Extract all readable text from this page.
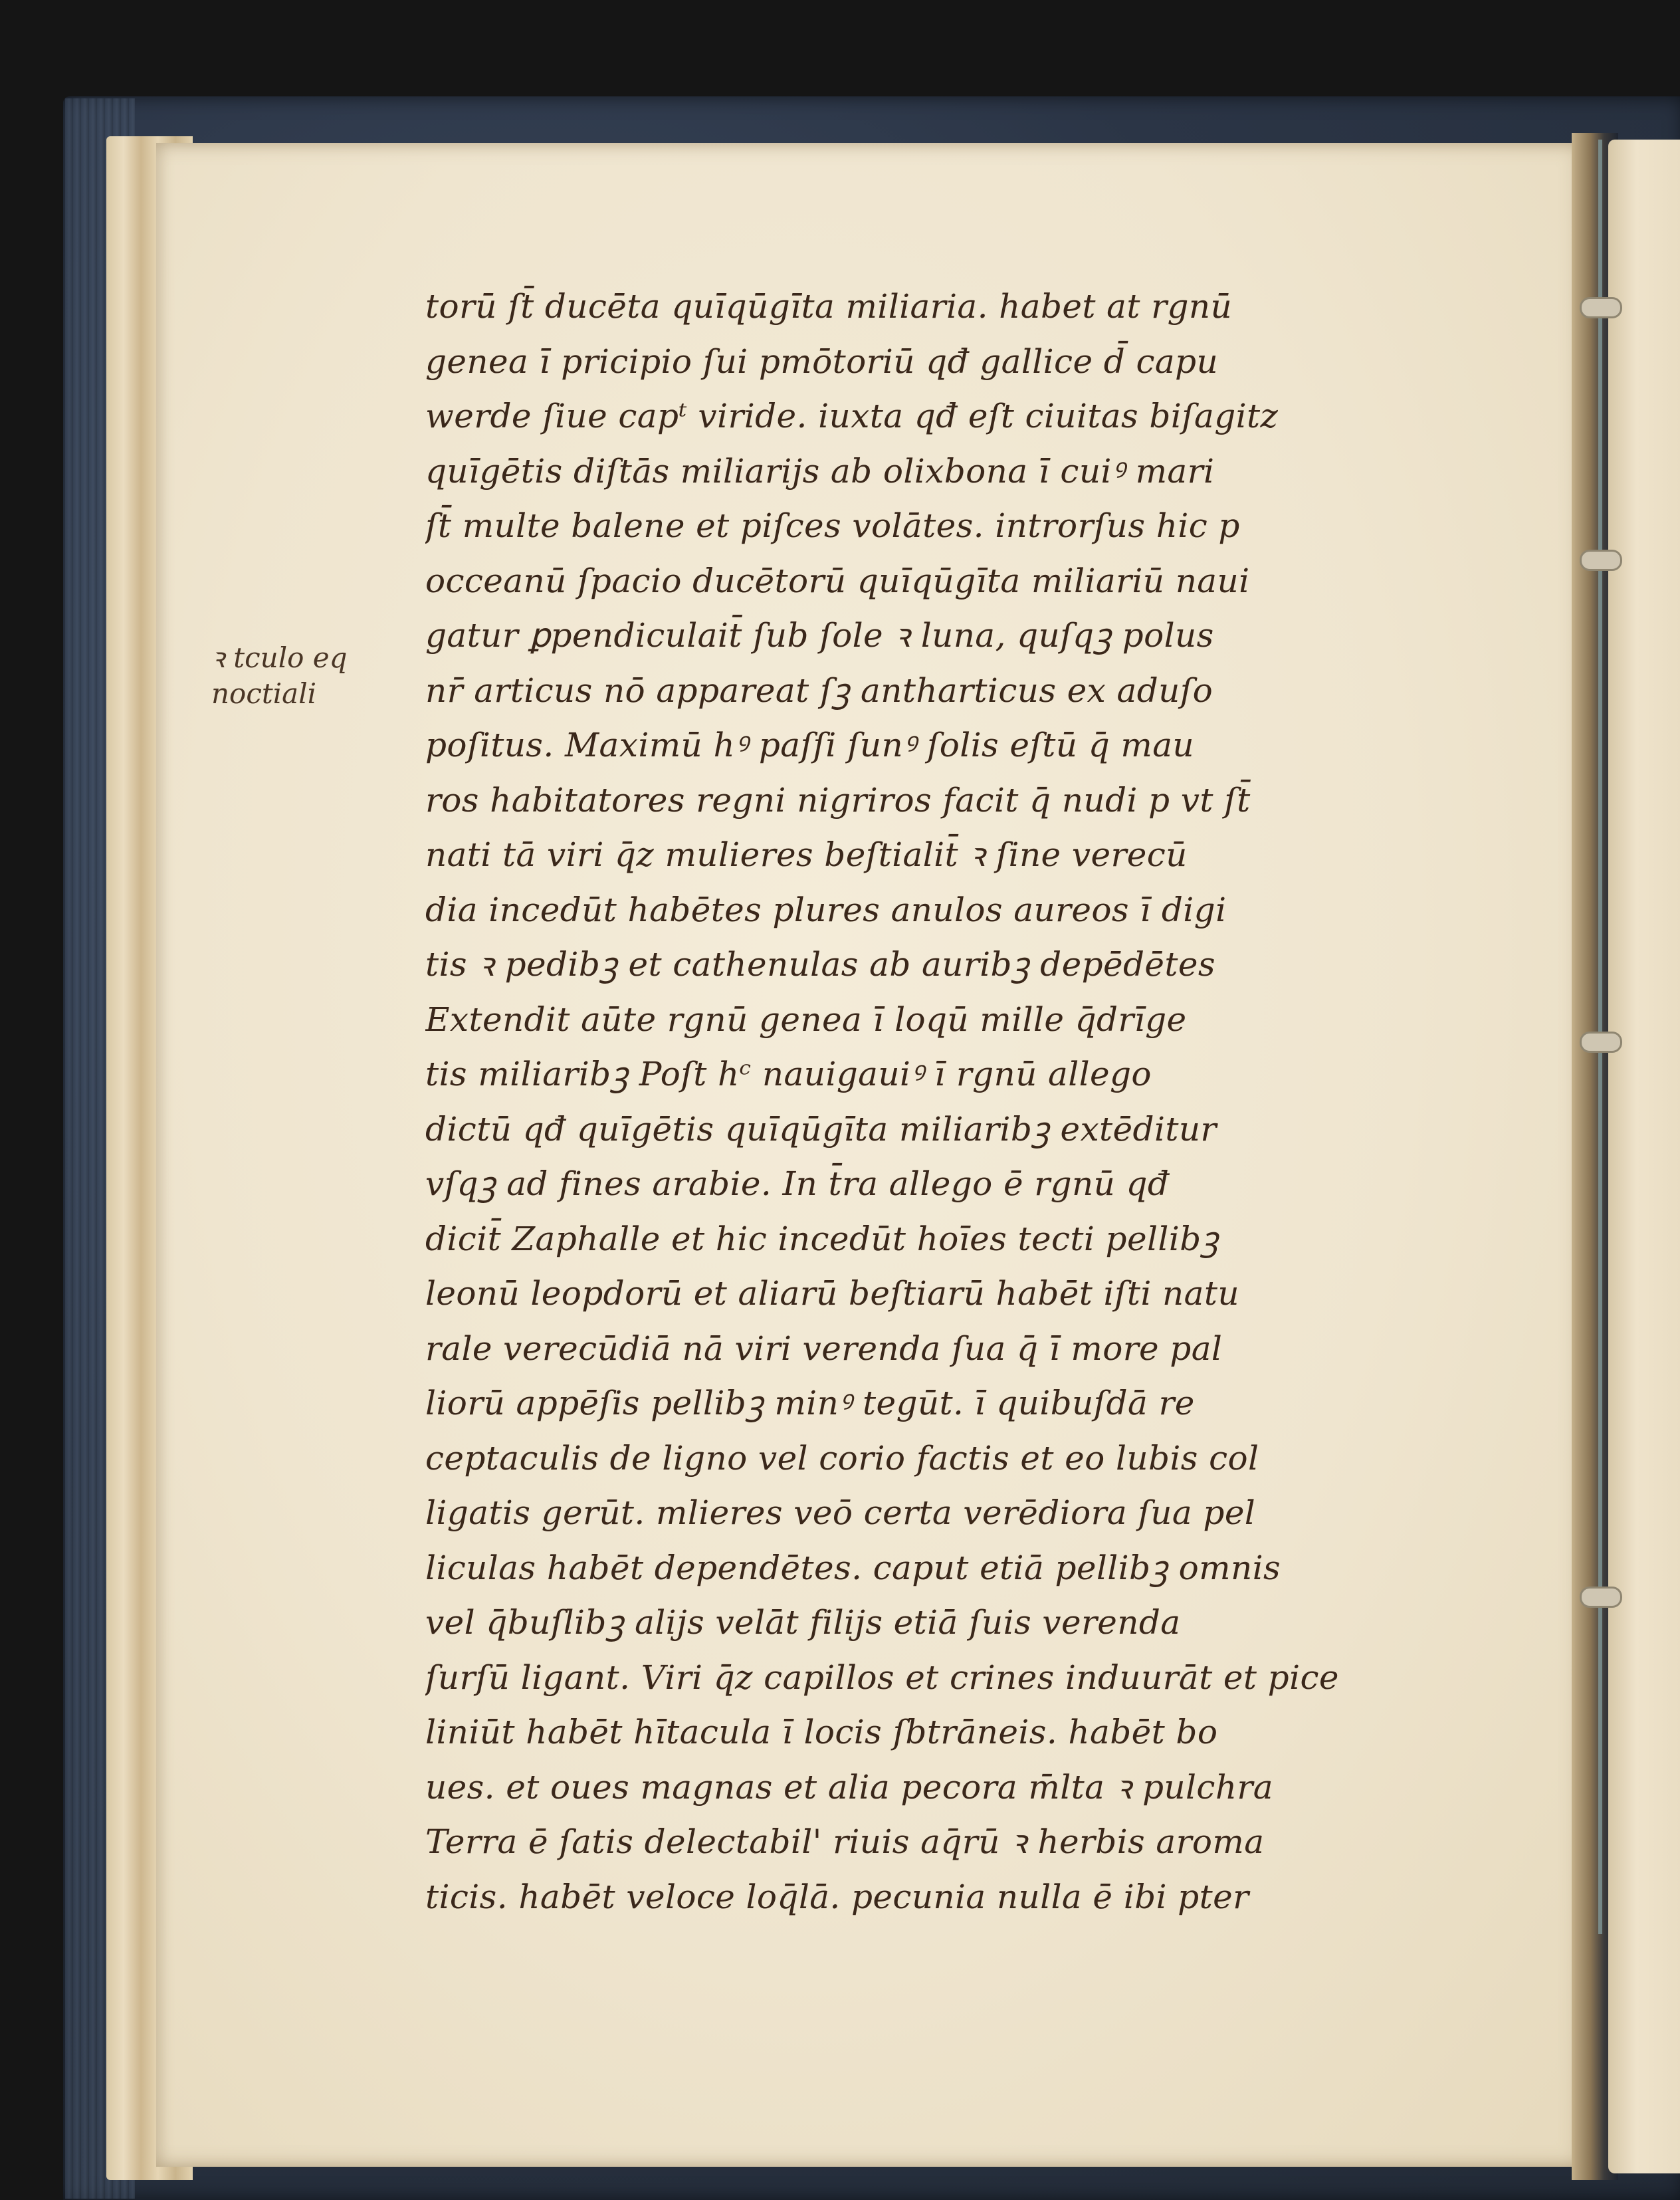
ꝛ tculo eq
noctiali
torū ſt̄ ducēta quīqūgīta miliaria. habet at rgnū
genea ī pricipio ſui pmōtoriū qđ gallice d̄ capu
werde ſiue capᵗ viride. iuxta qđ eſt ciuitas biſagitz
quīgētis diſtās miliarijs ab olixbona ī cuiꝰ mari
ſt̄ multe balene et piſces volātes. introrſus hic p
occeanū ſpacio ducētorū quīqūgīta miliariū naui
gatur ꝑpendiculait̄ ſub ſole ꝛ luna, quſqꝫ polus
nr̄ articus nō appareat ſꝫ antharticus ex aduſo
poſitus. Maximū hꝰ paſſi ſunꝰ ſolis eſtū q̄ mau
ros habitatores regni nigriros facit q̄ nudi p vt ſt̄
nati tā viri q̄z mulieres beſtialit̄ ꝛ ſine verecū
dia incedūt habētes plures anulos aureos ī digi
tis ꝛ pedibꝫ et cathenulas ab auribꝫ depēdētes
Extendit aūte rgnū genea ī loqū mille q̄drīge
tis miliaribꝫ Poſt hᶜ nauigauiꝰ ī rgnū allego
dictū qđ quīgētis quīqūgīta miliaribꝫ extēditur
vſqꝫ ad fines arabie. In t̄ra allego ē rgnū qđ
dicit̄ Zaphalle et hic incedūt hoīes tecti pellibꝫ
leonū leopdorū et aliarū beſtiarū habēt iſti natu
rale verecūdiā nā viri verenda ſua q̄ ī more pal
liorū appēſis pellibꝫ minꝰ tegūt. ī quibuſdā re
ceptaculis de ligno vel corio factis et eo lubis col
ligatis gerūt. mlieres veō certa verēdiora ſua pel
liculas habēt dependētes. caput etiā pellibꝫ omnis
vel q̄buſlibꝫ alijs velāt filijs etiā ſuis verenda
ſurſū ligant. Viri q̄z capillos et crines induurāt et pice
liniūt habēt hītacula ī locis ſbtrāneis. habēt bo
ues. et oues magnas et alia pecora m̄lta ꝛ pulchra
Terra ē ſatis delectabil' riuis aq̄rū ꝛ herbis aroma
ticis. habēt veloce loq̄lā. pecunia nulla ē ibi pter
